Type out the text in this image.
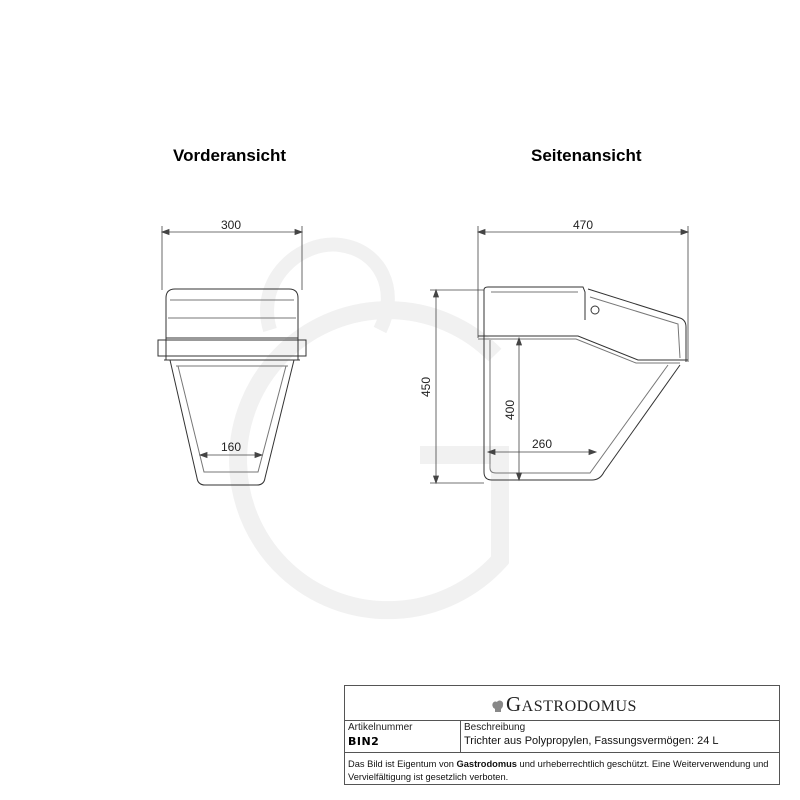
300
160
470
450
400
260
Vorderansicht	Seitenansicht
GASTRODOMUS
Artikelnummer
BIN2
Beschreibung
Trichter aus Polypropylen, Fassungsvermögen: 24 L
Das Bild ist Eigentum von Gastrodomus und urheberrechtlich geschützt. Eine Weiterverwendung und Vervielfältigung ist gesetzlich verboten.
